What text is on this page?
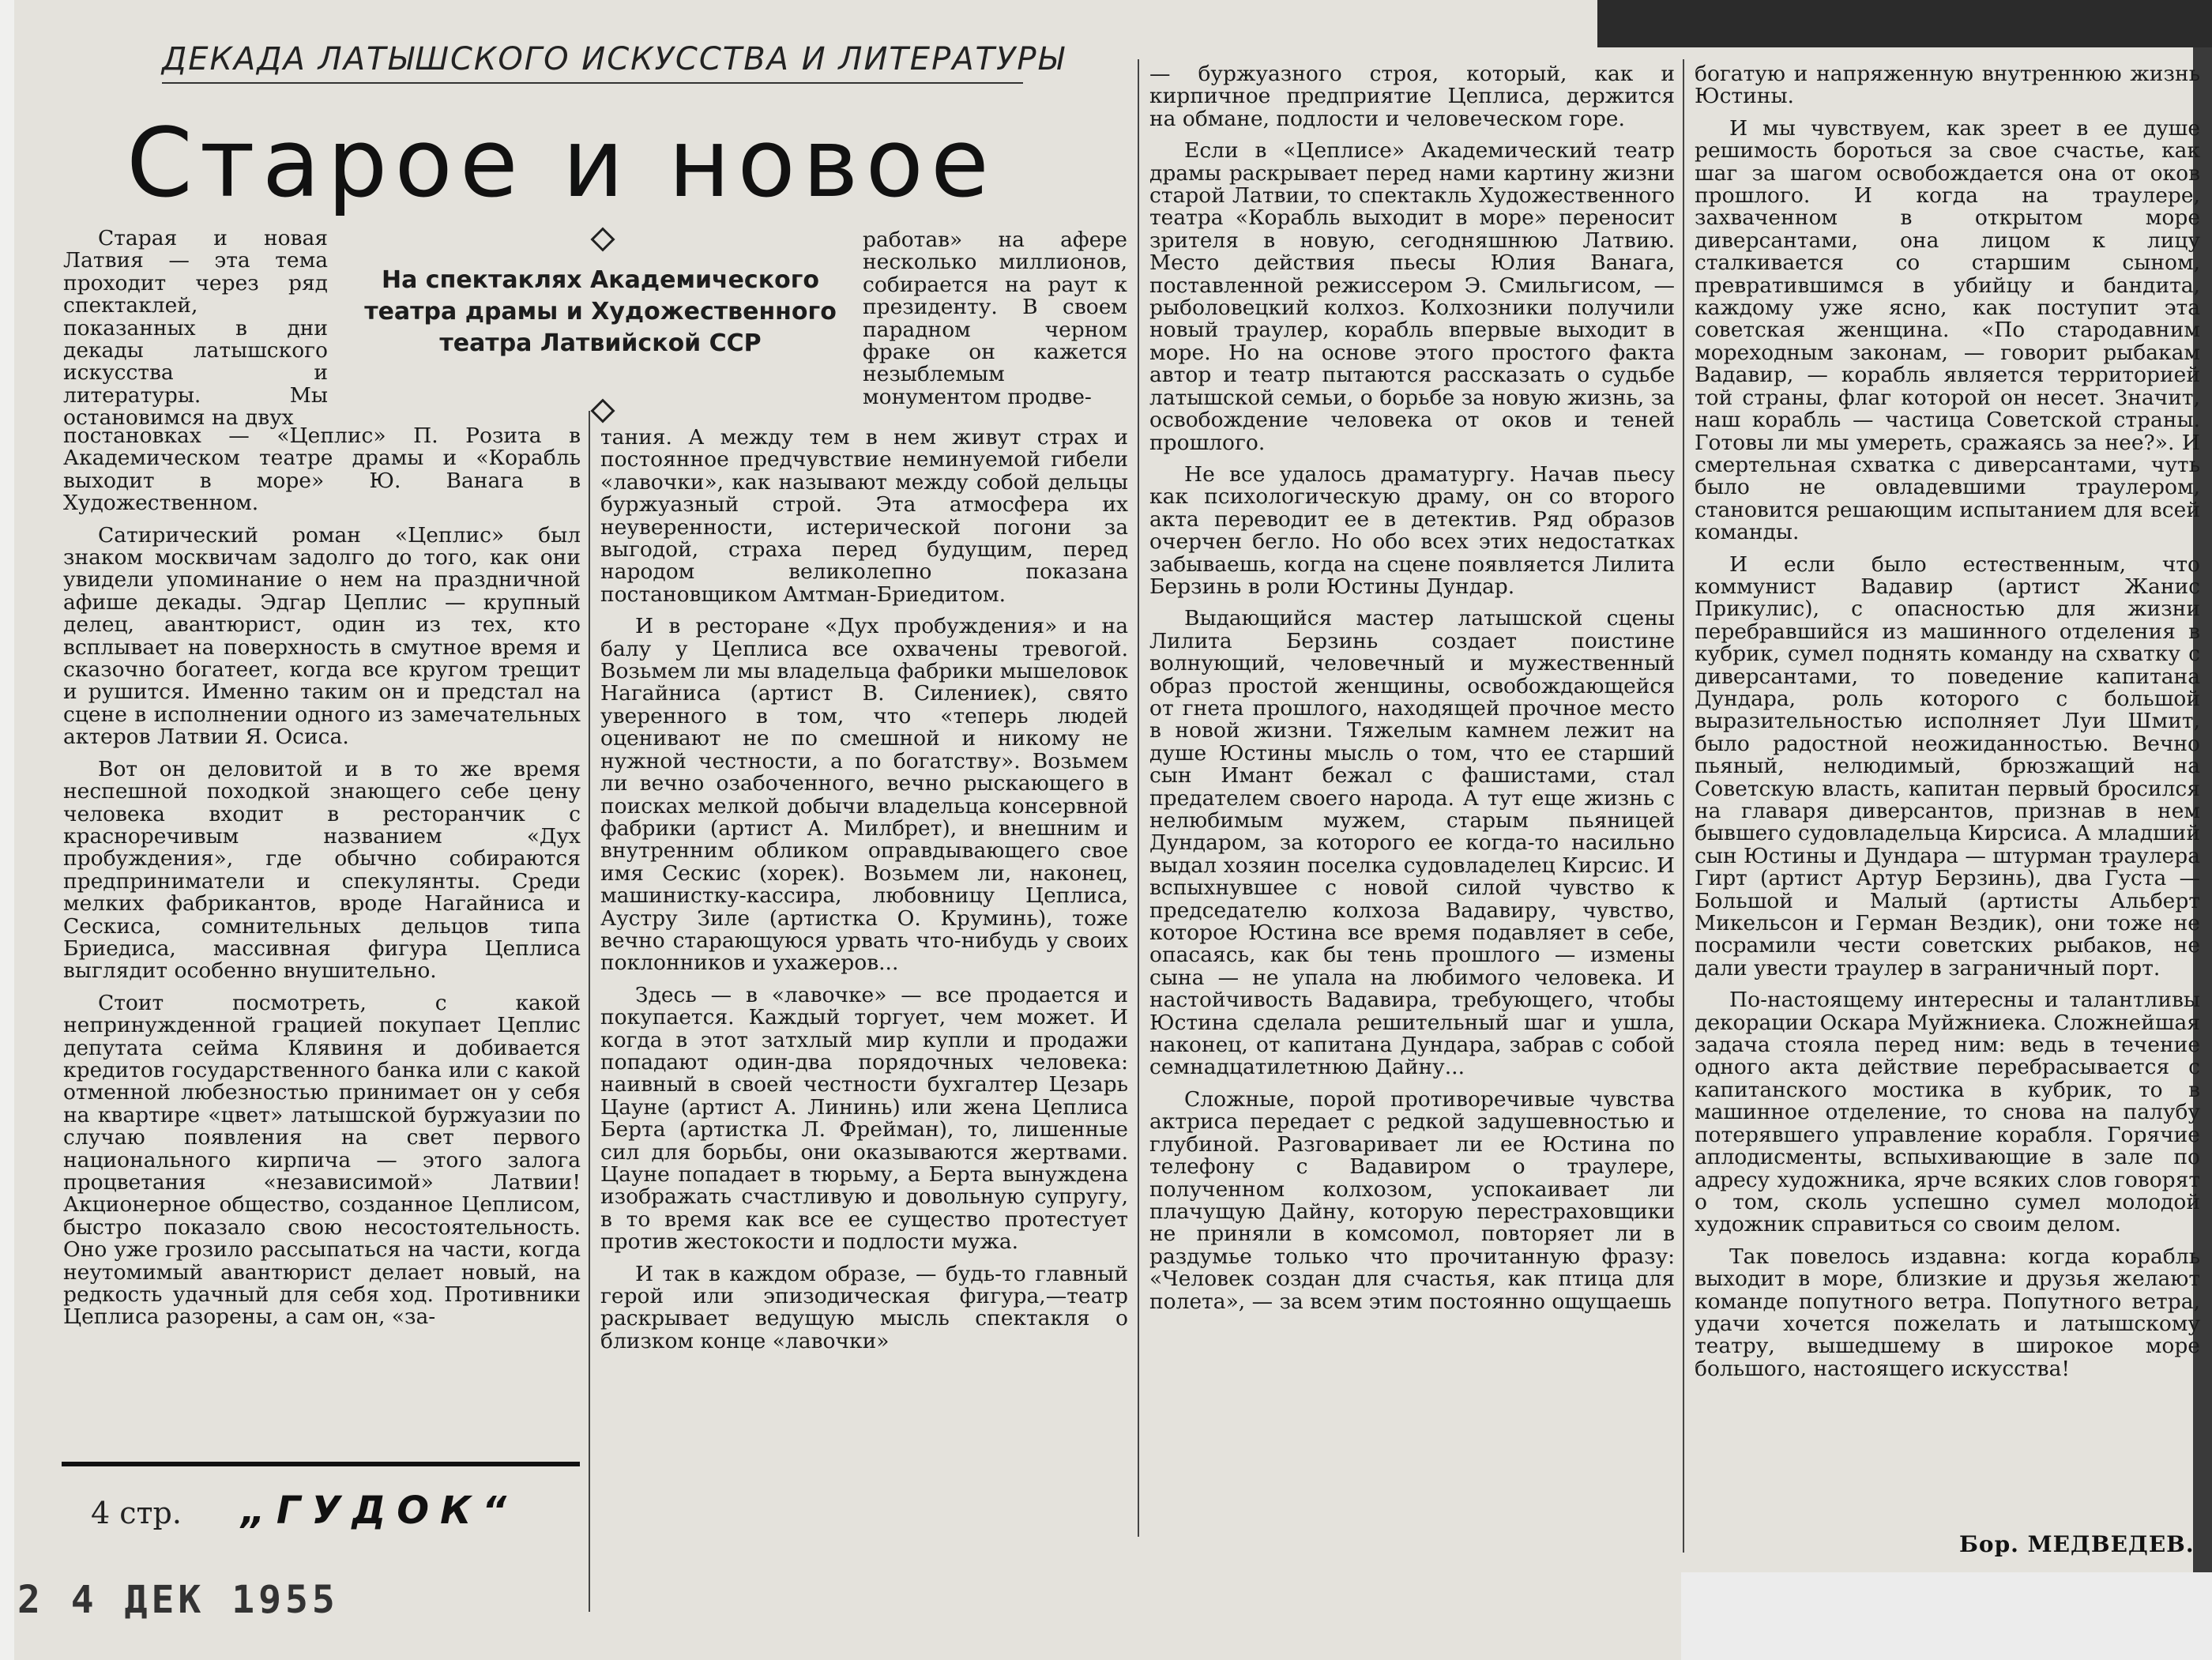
ДЕКАДА ЛАТЫШСКОГО ИСКУССТВА И ЛИТЕРАТУРЫ
Старое и новое
На спектаклях Академического театра драмы и Художественного театра Латвийской ССР

Старая и новая Латвия — эта тема проходит через ряд спектаклей, показанных в дни декады латышского искусства и литературы. Мы остановимся на двух

постановках — «Цеплис» П. Розита в Академическом театре драмы и «Корабль выходит в море» Ю. Ванага в Художественном.

Сатирический роман «Цеплис» был знаком москвичам задолго до того, как они увидели упоминание о нем на праздничной афише декады. Эдгар Цеплис — крупный делец, авантюрист, один из тех, кто всплывает на поверхность в смутное время и сказочно богатеет, когда все кругом трещит и рушится. Именно таким он и предстал на сцене в исполнении одного из замечательных актеров Латвии Я. Осиса.

Вот он деловитой и в то же время неспешной походкой знающего себе цену человека входит в ресторанчик с красноречивым названием «Дух пробуждения», где обычно собираются предприниматели и спекулянты. Среди мелких фабрикантов, вроде Нагайниса и Сескиса, сомнительных дельцов типа Бриедиса, массивная фигура Цеплиса выглядит особенно внушительно.

Стоит посмотреть, с какой непринужденной грацией покупает Цеплис депутата сейма Клявиня и добивается кредитов государственного банка или с какой отменной любезностью принимает он у себя на квартире «цвет» латышской буржуазии по случаю появления на свет первого национального кирпича — этого залога процветания «независимой» Латвии! Акционерное общество, созданное Цеплисом, быстро показало свою несостоятельность. Оно уже грозило рассыпаться на части, когда неутомимый авантюрист делает новый, на редкость удачный для себя ход. Противники Цеплиса разорены, а сам он, «за-

работав» на афере несколько миллионов, собирается на раут к президенту. В своем парадном черном фраке он кажется незыблемым монументом продве-

тания. А между тем в нем живут страх и постоянное предчувствие неминуемой гибели «лавочки», как называют между собой дельцы буржуазный строй. Эта атмосфера их неуверенности, истерической погони за выгодой, страха перед будущим, перед народом великолепно показана постановщиком Амтман-Бриедитом.

И в ресторане «Дух пробуждения» и на балу у Цеплиса все охвачены тревогой. Возьмем ли мы владельца фабрики мышеловок Нагайниса (артист В. Силениек), свято уверенного в том, что «теперь людей оценивают не по смешной и никому не нужной честности, а по богатству». Возьмем ли вечно озабоченного, вечно рыскающего в поисках мелкой добычи владельца консервной фабрики (артист А. Милбрет), и внешним и внутренним обликом оправдывающего свое имя Сескис (хорек). Возьмем ли, наконец, машинистку-кассира, любовницу Цеплиса, Аустру Зиле (артистка О. Круминь), тоже вечно старающуюся урвать что-нибудь у своих поклонников и ухажеров...

Здесь — в «лавочке» — все продается и покупается. Каждый торгует, чем может. И когда в этот затхлый мир купли и продажи попадают один-два порядочных человека: наивный в своей честности бухгалтер Цезарь Цауне (артист А. Лининь) или жена Цеплиса Берта (артистка Л. Фрейман), то, лишенные сил для борьбы, они оказываются жертвами. Цауне попадает в тюрьму, а Берта вынуждена изображать счастливую и довольную супругу, в то время как все ее существо протестует против жестокости и подлости мужа.

И так в каждом образе, — будь-то главный герой или эпизодическая фигура,—театр раскрывает ведущую мысль спектакля о близком конце «лавочки»

— буржуазного строя, который, как и кирпичное предприятие Цеплиса, держится на обмане, подлости и человеческом горе.

Если в «Цеплисе» Академический театр драмы раскрывает перед нами картину жизни старой Латвии, то спектакль Художественного театра «Корабль выходит в море» переносит зрителя в новую, сегодняшнюю Латвию. Место действия пьесы Юлия Ванага, поставленной режиссером Э. Смильгисом, — рыболовецкий колхоз. Колхозники получили новый траулер, корабль впервые выходит в море. Но на основе этого простого факта автор и театр пытаются рассказать о судьбе латышской семьи, о борьбе за новую жизнь, за освобождение человека от оков и теней прошлого.

Не все удалось драматургу. Начав пьесу как психологическую драму, он со второго акта переводит ее в детектив. Ряд образов очерчен бегло. Но обо всех этих недостатках забываешь, когда на сцене появляется Лилита Берзинь в роли Юстины Дундар.

Выдающийся мастер латышской сцены Лилита Берзинь создает поистине волнующий, человечный и мужественный образ простой женщины, освобождающейся от гнета прошлого, находящей прочное место в новой жизни. Тяжелым камнем лежит на душе Юстины мысль о том, что ее старший сын Имант бежал с фашистами, стал предателем своего народа. А тут еще жизнь с нелюбимым мужем, старым пьяницей Дундаром, за которого ее когда-то насильно выдал хозяин поселка судовладелец Кирсис. И вспыхнувшее с новой силой чувство к председателю колхоза Вадавиру, чувство, которое Юстина все время подавляет в себе, опасаясь, как бы тень прошлого — измены сына — не упала на любимого человека. И настойчивость Вадавира, требующего, чтобы Юстина сделала решительный шаг и ушла, наконец, от капитана Дундара, забрав с собой семнадцатилетнюю Дайну...

Сложные, порой противоречивые чувства актриса передает с редкой задушевностью и глубиной. Разговаривает ли ее Юстина по телефону с Вадавиром о траулере, полученном колхозом, успокаивает ли плачущую Дайну, которую перестраховщики не приняли в комсомол, повторяет ли в раздумье только что прочитанную фразу: «Человек создан для счастья, как птица для полета», — за всем этим постоянно ощущаешь

богатую и напряженную внутреннюю жизнь Юстины.

И мы чувствуем, как зреет в ее душе решимость бороться за свое счастье, как шаг за шагом освобождается она от оков прошлого. И когда на траулере, захваченном в открытом море диверсантами, она лицом к лицу сталкивается со старшим сыном, превратившимся в убийцу и бандита, каждому уже ясно, как поступит эта советская женщина. «По стародавним мореходным законам, — говорит рыбакам Вадавир, — корабль является территорией той страны, флаг которой он несет. Значит, наш корабль — частица Советской страны. Готовы ли мы умереть, сражаясь за нее?». И смертельная схватка с диверсантами, чуть было не овладевшими траулером, становится решающим испытанием для всей команды.

И если было естественным, что коммунист Вадавир (артист Жанис Прикулис), с опасностью для жизни перебравшийся из машинного отделения в кубрик, сумел поднять команду на схватку с диверсантами, то поведение капитана Дундара, роль которого с большой выразительностью исполняет Луи Шмит, было радостной неожиданностью. Вечно пьяный, нелюдимый, брюзжащий на Советскую власть, капитан первый бросился на главаря диверсантов, признав в нем бывшего судовладельца Кирсиса. А младший сын Юстины и Дундара — штурман траулера Гирт (артист Артур Берзинь), два Густа — Большой и Малый (артисты Альберт Микельсон и Герман Вездик), они тоже не посрамили чести советских рыбаков, не дали увести траулер в заграничный порт.

По-настоящему интересны и талантливы декорации Оскара Муйжниека. Сложнейшая задача стояла перед ним: ведь в течение одного акта действие перебрасывается с капитанского мостика в кубрик, то в машинное отделение, то снова на палубу потерявшего управление корабля. Горячие аплодисменты, вспыхивающие в зале по адресу художника, ярче всяких слов говорят о том, сколь успешно сумел молодой художник справиться со своим делом.

Так повелось издавна: когда корабль выходит в море, близкие и друзья желают команде попутного ветра. Попутного ветра, удачи хочется пожелать и латышскому театру, вышедшему в широкое море большого, настоящего искусства!

Бор. МЕДВЕДЕВ.
4 стр. „ГУДОК“
2 4 ДЕК 1955
